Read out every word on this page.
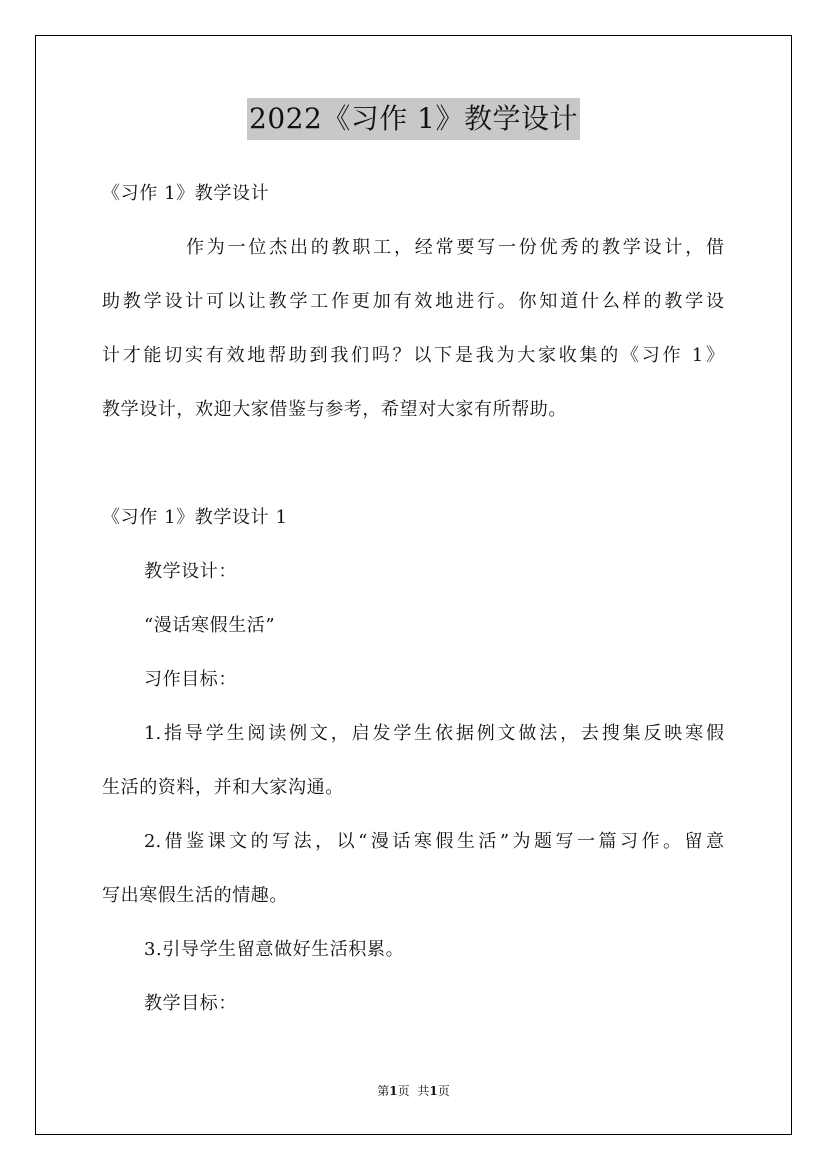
2022《习作 1》教学设计
《习作 1》教学设计
作为一位杰出的教职工，经常要写一份优秀的教学设计，借
助教学设计可以让教学工作更加有效地进行。你知道什么样的教学设
计才能切实有效地帮助到我们吗？以下是我为大家收集的《习作 1》
教学设计，欢迎大家借鉴与参考，希望对大家有所帮助。
《习作 1》教学设计 1
教学设计：
“漫话寒假生活”
习作目标：
1.指导学生阅读例文，启发学生依据例文做法，去搜集反映寒假
生活的资料，并和大家沟通。
2.借鉴课文的写法，以“漫话寒假生活”为题写一篇习作。留意
写出寒假生活的情趣。
3.引导学生留意做好生活积累。
教学目标：
第1页 共1页
